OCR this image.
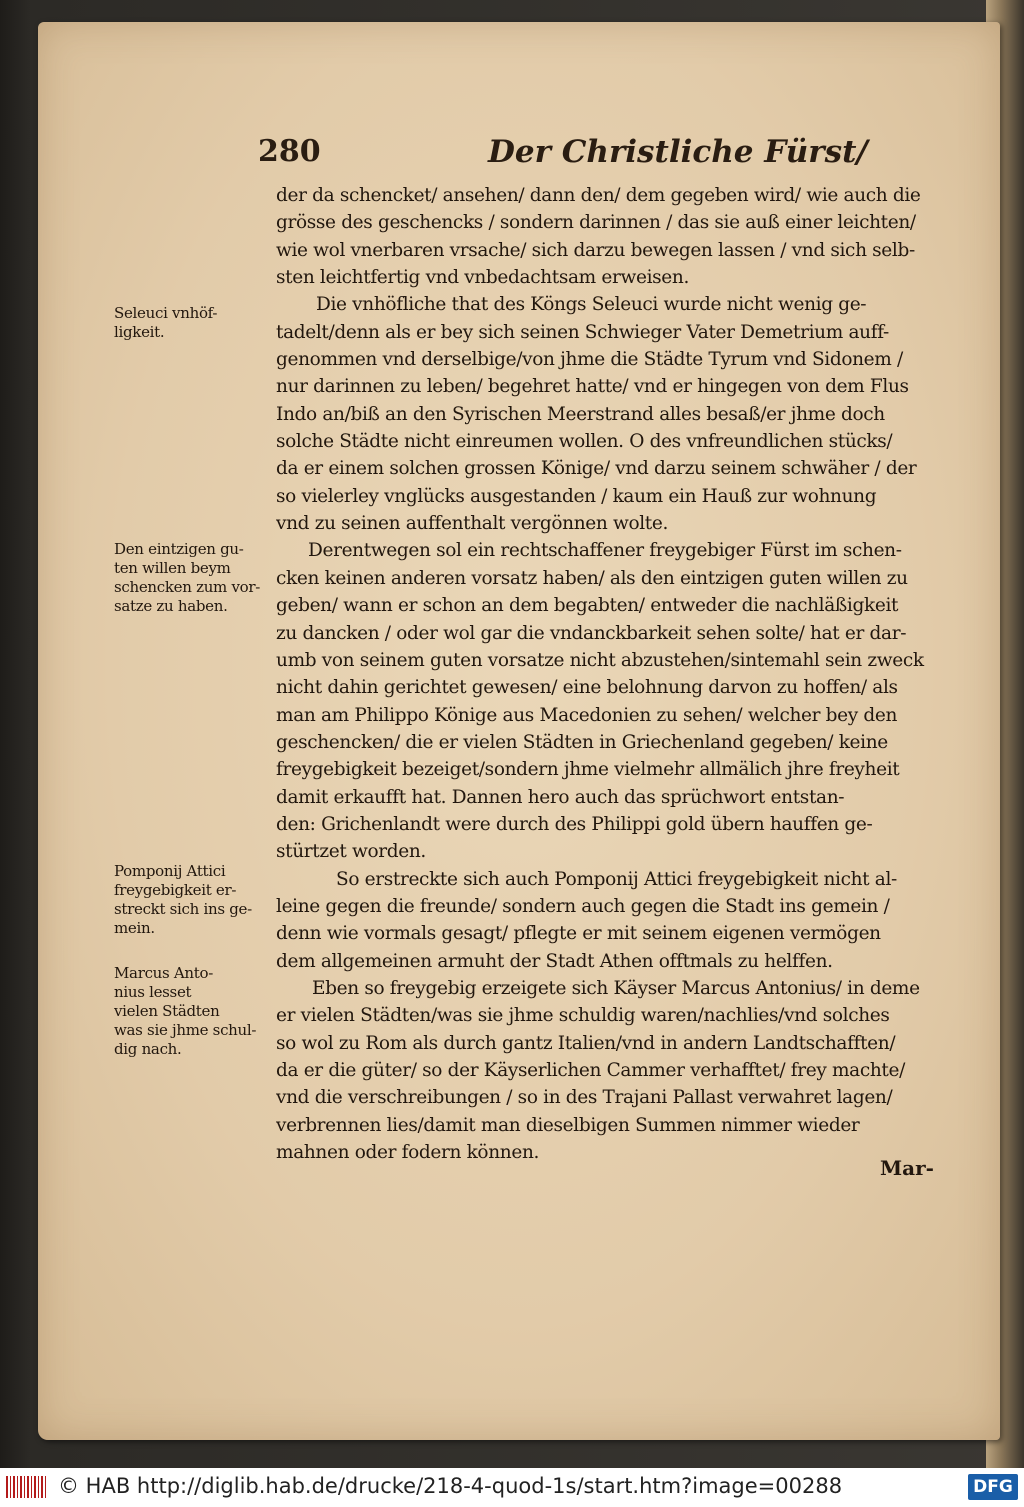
280	Der Christliche Fürst/
der da schencket/ ansehen/ dann den/ dem gegeben wird/ wie auch die
grösse des geschencks / sondern darinnen / das sie auß einer leichten/
wie wol vnerbaren vrsache/ sich darzu bewegen lassen / vnd sich selb-
sten leichtfertig vnd vnbedachtsam erweisen.
Die vnhöfliche that des Köngs Seleuci wurde nicht wenig ge-
tadelt/denn als er bey sich seinen Schwieger Vater Demetrium auff-
genommen vnd derselbige/von jhme die Städte Tyrum vnd Sidonem /
nur darinnen zu leben/ begehret hatte/ vnd er hingegen von dem Flus
Indo an/biß an den Syrischen Meerstrand alles besaß/er jhme doch
solche Städte nicht einreumen wollen. O des vnfreundlichen stücks/
da er einem solchen grossen Könige/ vnd darzu seinem schwäher / der
so vielerley vnglücks ausgestanden / kaum ein Hauß zur wohnung
vnd zu seinen auffenthalt vergönnen wolte.
Derentwegen sol ein rechtschaffener freygebiger Fürst im schen-
cken keinen anderen vorsatz haben/ als den eintzigen guten willen zu
geben/ wann er schon an dem begabten/ entweder die nachläßigkeit
zu dancken / oder wol gar die vndanckbarkeit sehen solte/ hat er dar-
umb von seinem guten vorsatze nicht abzustehen/sintemahl sein zweck
nicht dahin gerichtet gewesen/ eine belohnung darvon zu hoffen/ als
man am Philippo Könige aus Macedonien zu sehen/ welcher bey den
geschencken/ die er vielen Städten in Griechenland gegeben/ keine
freygebigkeit bezeiget/sondern jhme vielmehr allmälich jhre freyheit
damit erkaufft hat. Dannen hero auch das sprüchwort entstan-
den: Grichenlandt were durch des Philippi gold übern hauffen ge-
stürtzet worden.
So erstreckte sich auch Pomponij Attici freygebigkeit nicht al-
leine gegen die freunde/ sondern auch gegen die Stadt ins gemein /
denn wie vormals gesagt/ pflegte er mit seinem eigenen vermögen
dem allgemeinen armuht der Stadt Athen offtmals zu helffen.
Eben so freygebig erzeigete sich Käyser Marcus Antonius/ in deme
er vielen Städten/was sie jhme schuldig waren/nachlies/vnd solches
so wol zu Rom als durch gantz Italien/vnd in andern Landtschafften/
da er die güter/ so der Käyserlichen Cammer verhafftet/ frey machte/
vnd die verschreibungen / so in des Trajani Pallast verwahret lagen/
verbrennen lies/damit man dieselbigen Summen nimmer wieder
mahnen oder fodern können.
Seleuci vnhöf-
ligkeit.
Den eintzigen gu-
ten willen beym
schencken zum vor-
satze zu haben.
Pomponij Attici
freygebigkeit er-
streckt sich ins ge-
mein.
Marcus Anto-
nius lesset
vielen Städten
was sie jhme schul-
dig nach.
Mar-
© HAB http://diglib.hab.de/drucke/218-4-quod-1s/start.htm?image=00288	DFG
